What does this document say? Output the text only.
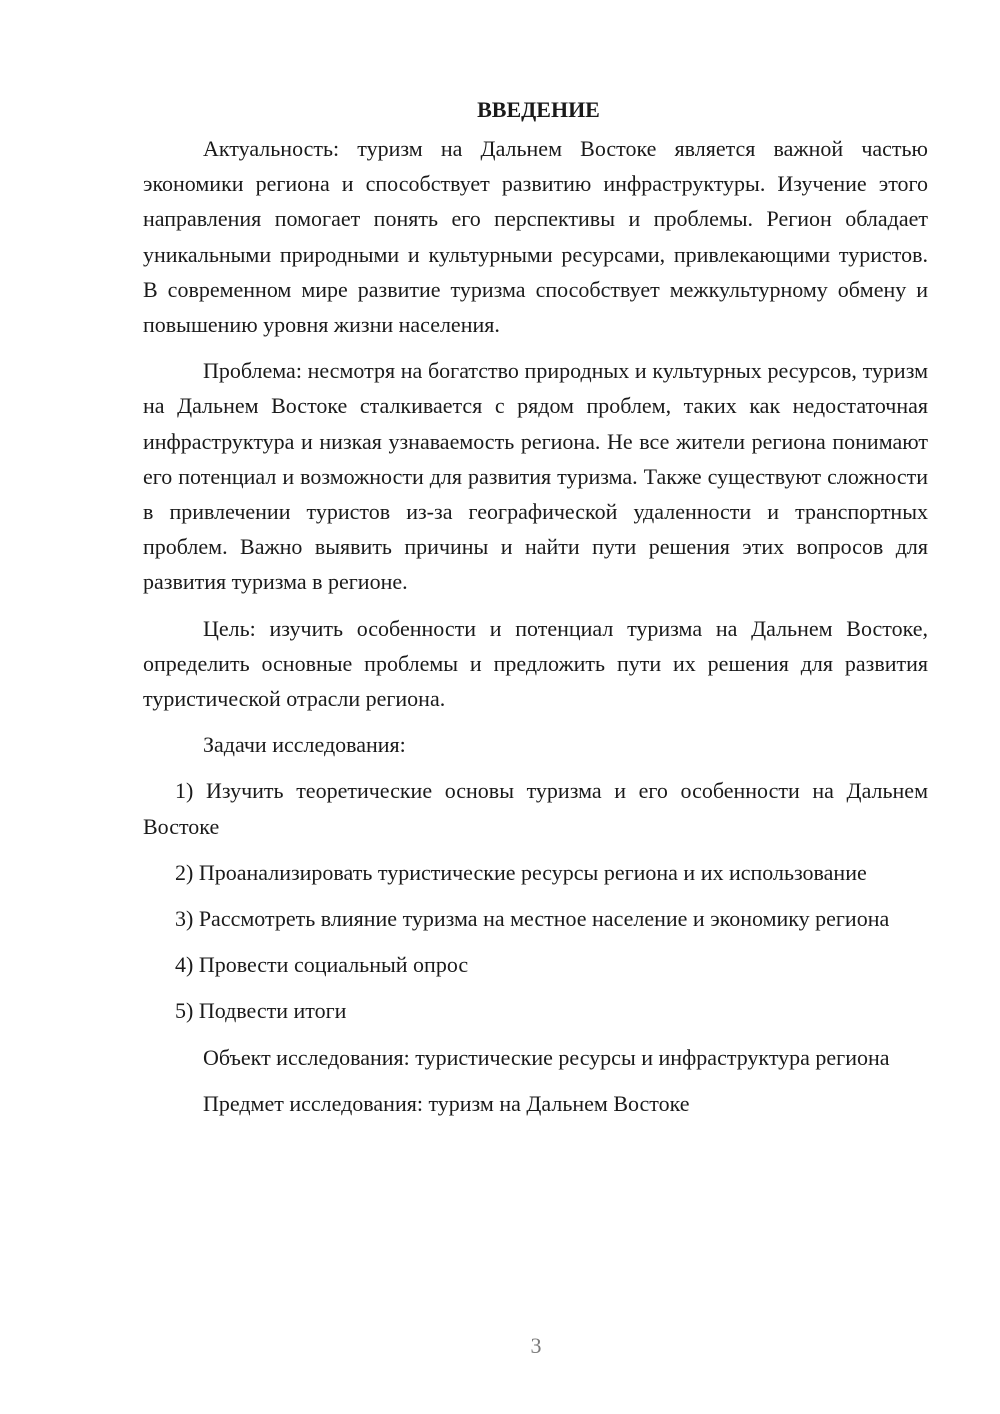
ВВЕДЕНИЕ

Актуальность: туризм на Дальнем Востоке является важной частью экономики региона и способствует развитию инфраструктуры. Изучение этого направления помогает понять его перспективы и проблемы. Регион обладает уникальными природными и культурными ресурсами, привлекающими туристов. В современном мире развитие туризма способствует межкультурному обмену и повышению уровня жизни населения.

Проблема: несмотря на богатство природных и культурных ресурсов, туризм на Дальнем Востоке сталкивается с рядом проблем, таких как недостаточная инфраструктура и низкая узнаваемость региона. Не все жители региона понимают его потенциал и возможности для развития туризма. Также существуют сложности в привлечении туристов из-за географической удаленности и транспортных проблем. Важно выявить причины и найти пути решения этих вопросов для развития туризма в регионе.

Цель: изучить особенности и потенциал туризма на Дальнем Востоке, определить основные проблемы и предложить пути их решения для развития туристической отрасли региона.

Задачи исследования:

1) Изучить теоретические основы туризма и его особенности на Дальнем Востоке

2) Проанализировать туристические ресурсы региона и их использование

3) Рассмотреть влияние туризма на местное население и экономику региона

4) Провести социальный опрос

5) Подвести итоги

Объект исследования: туристические ресурсы и инфраструктура региона

Предмет исследования: туризм на Дальнем Востоке

3
